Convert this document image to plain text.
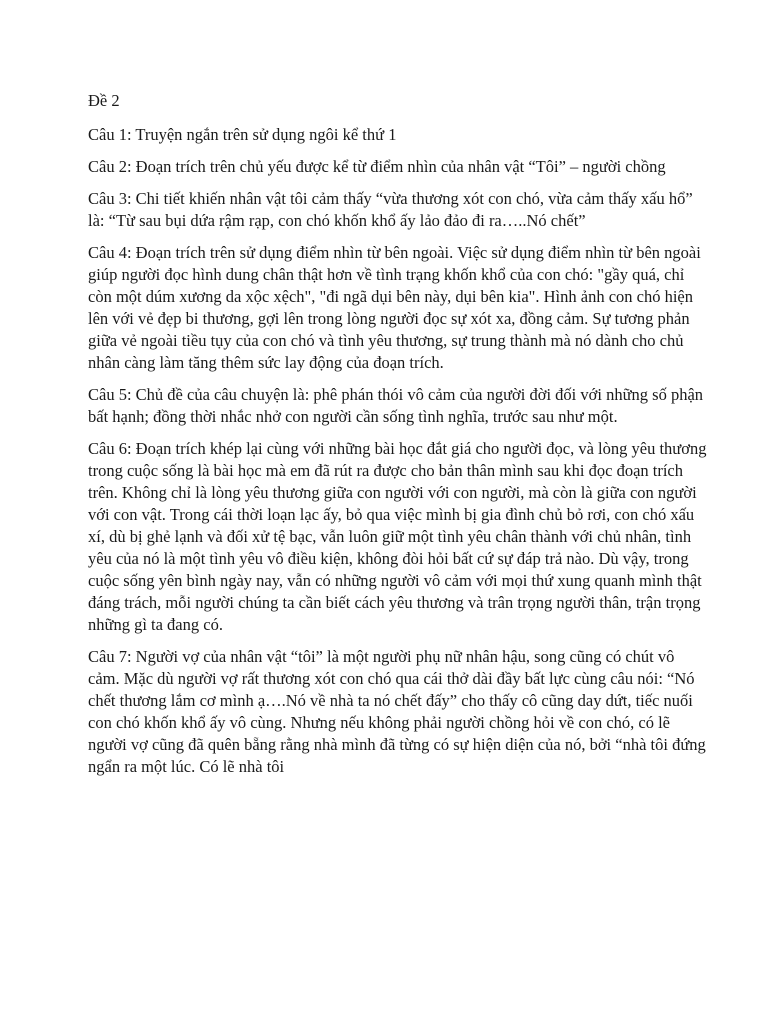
Đề 2

Câu 1: Truyện ngắn trên sử dụng ngôi kể thứ 1

Câu 2: Đoạn trích trên chủ yếu được kể từ điểm nhìn của nhân vật “Tôi” – người chồng

Câu 3: Chi tiết khiến nhân vật tôi cảm thấy “vừa thương xót con chó, vừa cảm thấy xấu hổ” là: “Từ sau bụi dứa rậm rạp, con chó khốn khổ ấy lảo đảo đi ra…..Nó chết”

Câu 4: Đoạn trích trên sử dụng điểm nhìn từ bên ngoài. Việc sử dụng điểm nhìn từ bên ngoài giúp người đọc hình dung chân thật hơn về tình trạng khốn khổ của con chó: "gầy quá, chỉ còn một dúm xương da xộc xệch", "đi ngã dụi bên này, dụi bên kia". Hình ảnh con chó hiện lên với vẻ đẹp bi thương, gợi lên trong lòng người đọc sự xót xa, đồng cảm. Sự tương phản giữa vẻ ngoài tiều tụy của con chó và tình yêu thương, sự trung thành mà nó dành cho chủ nhân càng làm tăng thêm sức lay động của đoạn trích.

Câu 5: Chủ đề của câu chuyện là: phê phán thói vô cảm của người đời đối với những số phận bất hạnh; đồng thời nhắc nhở con người cần sống tình nghĩa, trước sau như một.

Câu 6: Đoạn trích khép lại cùng với những bài học đắt giá cho người đọc, và lòng yêu thương trong cuộc sống là bài học mà em đã rút ra được cho bản thân mình sau khi đọc đoạn trích trên. Không chỉ là lòng yêu thương giữa con người với con người, mà còn là giữa con người với con vật. Trong cái thời loạn lạc ấy, bỏ qua việc mình bị gia đình chủ bỏ rơi, con chó xấu xí, dù bị ghẻ lạnh và đối xử tệ bạc, vẫn luôn giữ một tình yêu chân thành với chủ nhân, tình yêu của nó là một tình yêu vô điều kiện, không đòi hỏi bất cứ sự đáp trả nào. Dù vậy, trong cuộc sống yên bình ngày nay, vẫn có những người vô cảm với mọi thứ xung quanh mình thật đáng trách, mỗi người chúng ta cần biết cách yêu thương và trân trọng người thân, trận trọng những gì ta đang có.

Câu 7: Người vợ của nhân vật “tôi” là một người phụ nữ nhân hậu, song cũng có chút vô cảm. Mặc dù người vợ rất thương xót con chó qua cái thở dài đầy bất lực cùng câu nói: “Nó chết thương lắm cơ mình ạ….Nó về nhà ta nó chết đấy” cho thấy cô cũng day dứt, tiếc nuối con chó khốn khổ ấy vô cùng. Nhưng nếu không phải người chồng hỏi về con chó, có lẽ người vợ cũng đã quên bẵng rằng nhà mình đã từng có sự hiện diện của nó, bởi “nhà tôi đứng ngẩn ra một lúc. Có lẽ nhà tôi
